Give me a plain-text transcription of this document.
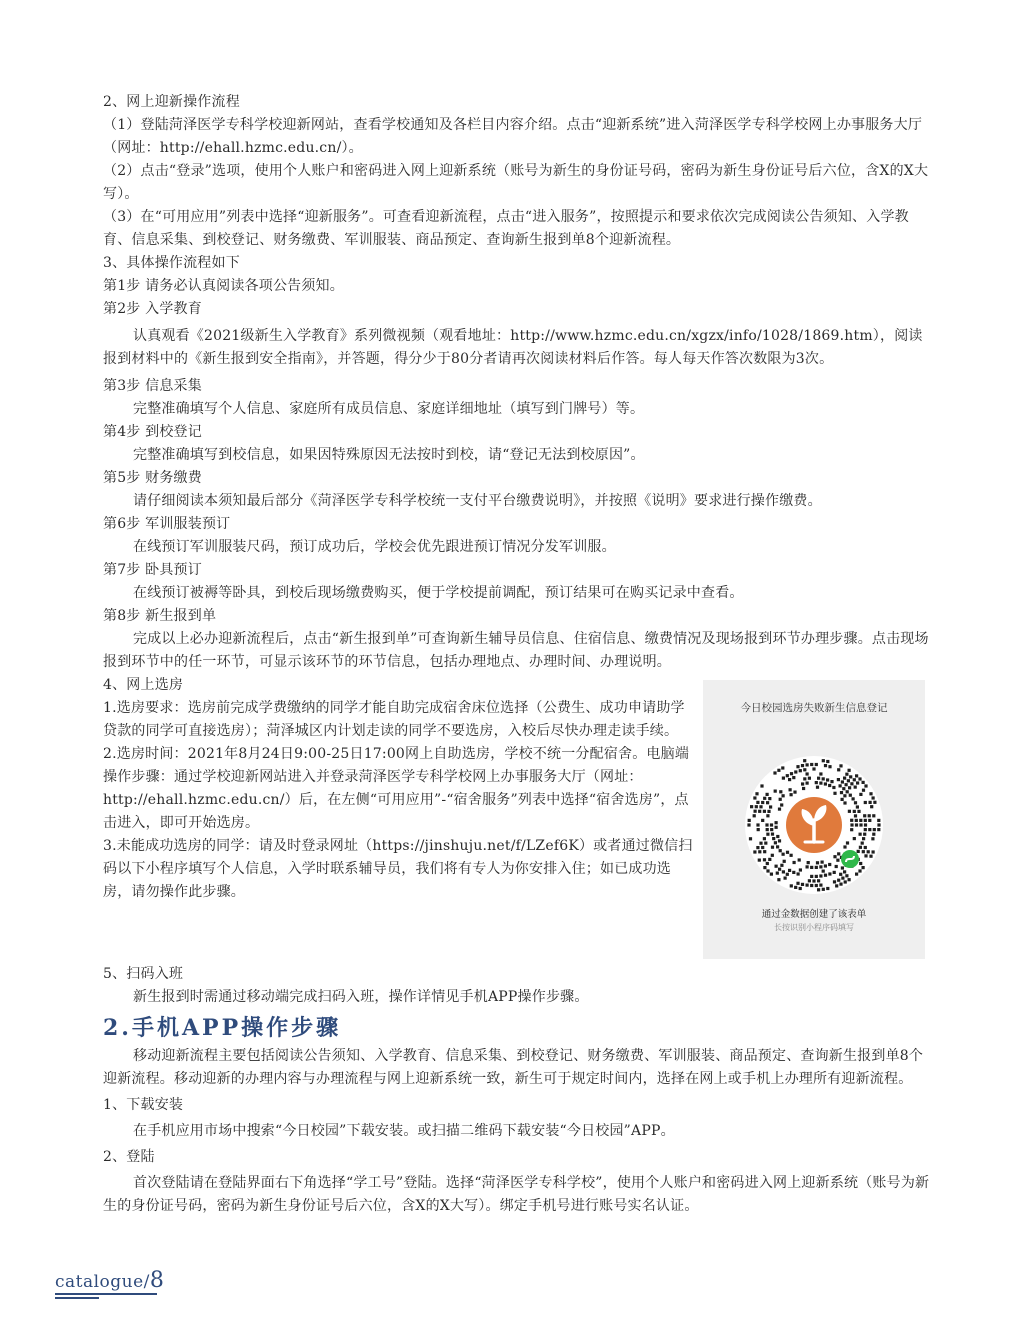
2、网上迎新操作流程

（1）登陆菏泽医学专科学校迎新网站，查看学校通知及各栏目内容介绍。点击“迎新系统”进入菏泽医学专科学校网上办事服务大厅（网址：http://ehall.hzmc.edu.cn/）。

（2）点击“登录”选项，使用个人账户和密码进入网上迎新系统（账号为新生的身份证号码，密码为新生身份证号后六位，含X的X大写）。

（3）在“可用应用”列表中选择“迎新服务”。可查看迎新流程，点击“进入服务”，按照提示和要求依次完成阅读公告须知、入学教育、信息采集、到校登记、财务缴费、军训服装、商品预定、查询新生报到单8个迎新流程。

3、具体操作流程如下

第1步 请务必认真阅读各项公告须知。

第2步 入学教育

认真观看《2021级新生入学教育》系列微视频（观看地址：http://www.hzmc.edu.cn/xgzx/info/1028/1869.htm），阅读报到材料中的《新生报到安全指南》，并答题，得分少于80分者请再次阅读材料后作答。每人每天作答次数限为3次。

第3步 信息采集

完整准确填写个人信息、家庭所有成员信息、家庭详细地址（填写到门牌号）等。

第4步 到校登记

完整准确填写到校信息，如果因特殊原因无法按时到校，请“登记无法到校原因”。

第5步 财务缴费

请仔细阅读本须知最后部分《菏泽医学专科学校统一支付平台缴费说明》，并按照《说明》要求进行操作缴费。

第6步 军训服装预订

在线预订军训服装尺码，预订成功后，学校会优先跟进预订情况分发军训服。

第7步 卧具预订

在线预订被褥等卧具，到校后现场缴费购买，便于学校提前调配，预订结果可在购买记录中查看。

第8步 新生报到单

完成以上必办迎新流程后，点击“新生报到单”可查询新生辅导员信息、住宿信息、缴费情况及现场报到环节办理步骤。点击现场报到环节中的任一环节，可显示该环节的环节信息，包括办理地点、办理时间、办理说明。

4、网上选房

1.选房要求：选房前完成学费缴纳的同学才能自助完成宿舍床位选择（公费生、成功申请助学贷款的同学可直接选房）；菏泽城区内计划走读的同学不要选房，入校后尽快办理走读手续。

2.选房时间：2021年8月24日9:00-25日17:00网上自助选房，学校不统一分配宿舍。电脑端操作步骤：通过学校迎新网站进入并登录菏泽医学专科学校网上办事服务大厅（网址：http://ehall.hzmc.edu.cn/）后，在左侧“可用应用”-“宿舍服务”列表中选择“宿舍选房”，点击进入，即可开始选房。

3.未能成功选房的同学：请及时登录网址（https://jinshuju.net/f/LZef6K）或者通过微信扫码以下小程序填写个人信息，入学时联系辅导员，我们将有专人为你安排入住；如已成功选房，请勿操作此步骤。

今日校园选房失败新生信息登记
通过金数据创建了该表单
长按识别小程序码填写

5、扫码入班

新生报到时需通过移动端完成扫码入班，操作详情见手机APP操作步骤。

2.手机APP操作步骤

移动迎新流程主要包括阅读公告须知、入学教育、信息采集、到校登记、财务缴费、军训服装、商品预定、查询新生报到单8个迎新流程。移动迎新的办理内容与办理流程与网上迎新系统一致，新生可于规定时间内，选择在网上或手机上办理所有迎新流程。

1、下载安装

在手机应用市场中搜索“今日校园”下载安装。或扫描二维码下载安装“今日校园”APP。

2、登陆

首次登陆请在登陆界面右下角选择“学工号”登陆。选择“菏泽医学专科学校”，使用个人账户和密码进入网上迎新系统（账号为新生的身份证号码，密码为新生身份证号后六位，含X的X大写）。绑定手机号进行账号实名认证。

catalogue/8
